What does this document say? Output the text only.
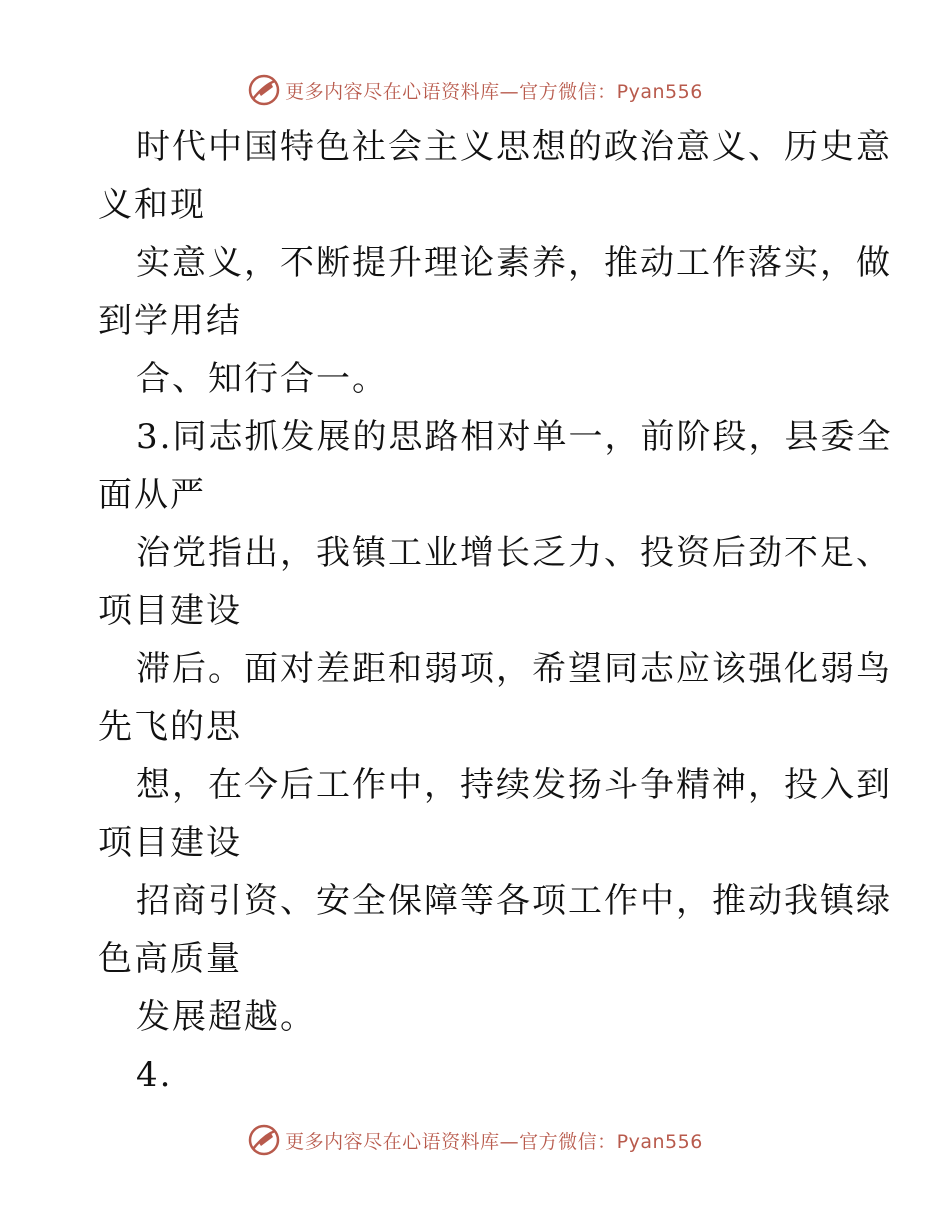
更多内容尽在心语资料库—官方微信：Pyan556
时代中国特色社会主义思想的政治意义、历史意
义和现
实意义，不断提升理论素养，推动工作落实，做
到学用结
合、知行合一。
3.同志抓发展的思路相对单一，前阶段，县委全
面从严
治党指出，我镇工业增长乏力、投资后劲不足、
项目建设
滞后。面对差距和弱项，希望同志应该强化弱鸟
先飞的思
想，在今后工作中，持续发扬斗争精神，投入到
项目建设
招商引资、安全保障等各项工作中，推动我镇绿
色高质量
发展超越。
4.
更多内容尽在心语资料库—官方微信：Pyan556
